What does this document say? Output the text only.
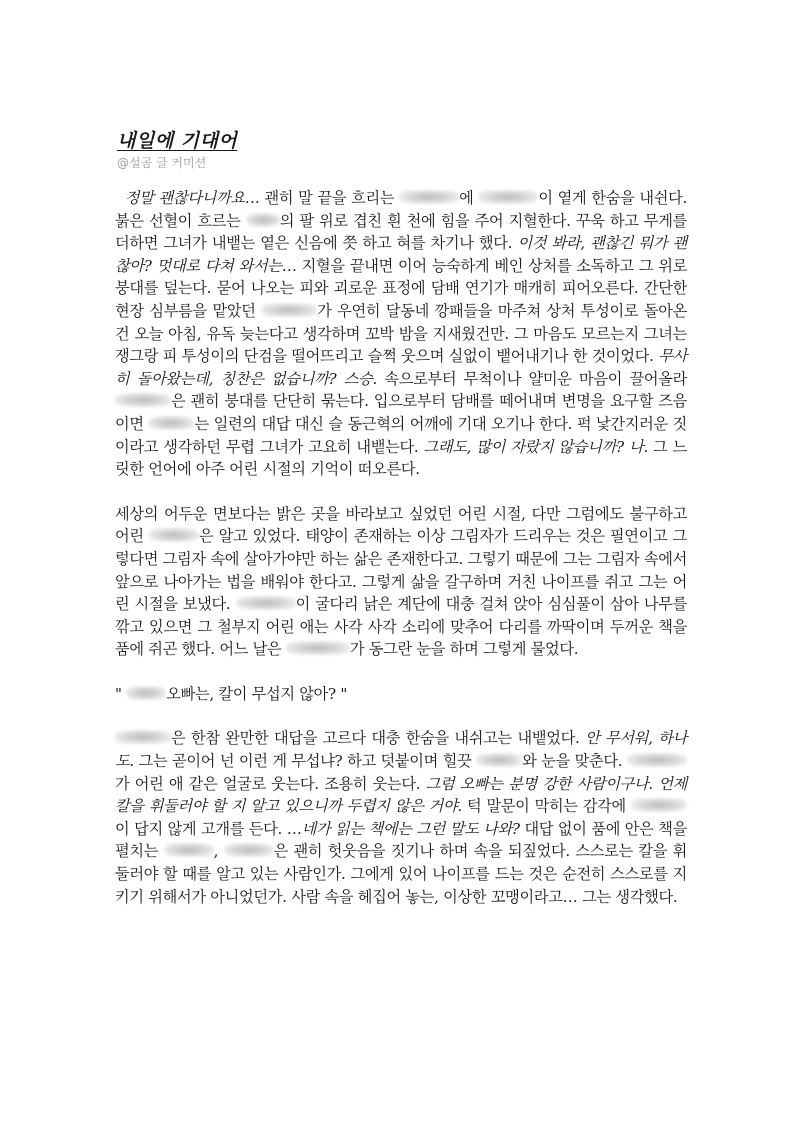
내일에 기대어
@설곰 글 커미션

정말 괜찮다니까요… 괜히 말 끝을 흐리는	에	이 옅게 한숨을 내쉰다. 붉은 선혈이 흐르는 의 팔 위로 겹친 흰 천에 힘을 주어 지혈한다. 꾸욱 하고 무게를 더하면 그녀가 내뱉는 옅은 신음에 쯧 하고 혀를 차기나 했다. 이것 봐라, 괜찮긴 뭐가 괜찮아? 멋대로 다쳐 와서는… 지혈을 끝내면 이어 능숙하게 베인 상처를 소독하고 그 위로 붕대를 덮는다. 묻어 나오는 피와 괴로운 표정에 담배 연기가 매캐히 피어오른다. 간단한 현장 심부름을 맡았던	가 우연히 달동네 깡패들을 마주쳐 상처 투성이로 돌아온 건 오늘 아침, 유독 늦는다고 생각하며 꼬박 밤을 지새웠건만. 그 마음도 모르는지 그녀는 쟁그랑 피 투성이의 단검을 떨어뜨리고 슬쩍 웃으며 실없이 뱉어내기나 한 것이었다. 무사히 돌아왔는데, 칭찬은 없습니까? 스승. 속으로부터 무척이나 얄미운 마음이 끌어올라 은 괜히 붕대를 단단히 묶는다. 입으로부터 담배를 떼어내며 변명을 요구할 즈음이면	는 일련의 대답 대신 슬 동근혁의 어깨에 기대 오기나 한다. 퍽 낯간지러운 짓이라고 생각하던 무렵 그녀가 고요히 내뱉는다. 그래도, 많이 자랐지 않습니까? 나. 그 느릿한 언어에 아주 어린 시절의 기억이 떠오른다.

세상의 어두운 면보다는 밝은 곳을 바라보고 싶었던 어린 시절, 다만 그럼에도 불구하고 어린	은 알고 있었다. 태양이 존재하는 이상 그림자가 드리우는 것은 필연이고 그렇다면 그림자 속에 살아가야만 하는 삶은 존재한다고. 그렇기 때문에 그는 그림자 속에서 앞으로 나아가는 법을 배워야 한다고. 그렇게 삶을 갈구하며 거친 나이프를 쥐고 그는 어린 시절을 보냈다.	이 굴다리 낡은 계단에 대충 걸쳐 앉아 심심풀이 삼아 나무를 깎고 있으면 그 철부지 어린 애는 사각 사각 소리에 맞추어 다리를 까딱이며 두꺼운 책을 품에 쥐곤 했다. 어느 날은	가 동그란 눈을 하며 그렇게 물었다.

"	오빠는, 칼이 무섭지 않아? "

은 한참 완만한 대답을 고르다 대충 한숨을 내쉬고는 내뱉었다. 안 무서워, 하나도. 그는 곧이어 넌 이런 게 무섭냐? 하고 덧붙이며 힐끗	와 눈을 맞춘다. 가 어린 애 같은 얼굴로 웃는다. 조용히 웃는다. 그럼 오빠는 분명 강한 사람이구나. 언제 칼을 휘둘러야 할 지 알고 있으니까 두렵지 않은 거야. 턱 말문이 막히는 감각에 이 답지 않게 고개를 든다. …네가 읽는 책에는 그런 말도 나와? 대답 없이 품에 안은 책을 펼치는	,	은 괜히 헛웃음을 짓기나 하며 속을 되짚었다. 스스로는 칼을 휘둘러야 할 때를 알고 있는 사람인가. 그에게 있어 나이프를 드는 것은 순전히 스스로를 지키기 위해서가 아니었던가. 사람 속을 헤집어 놓는, 이상한 꼬맹이라고… 그는 생각했다.
